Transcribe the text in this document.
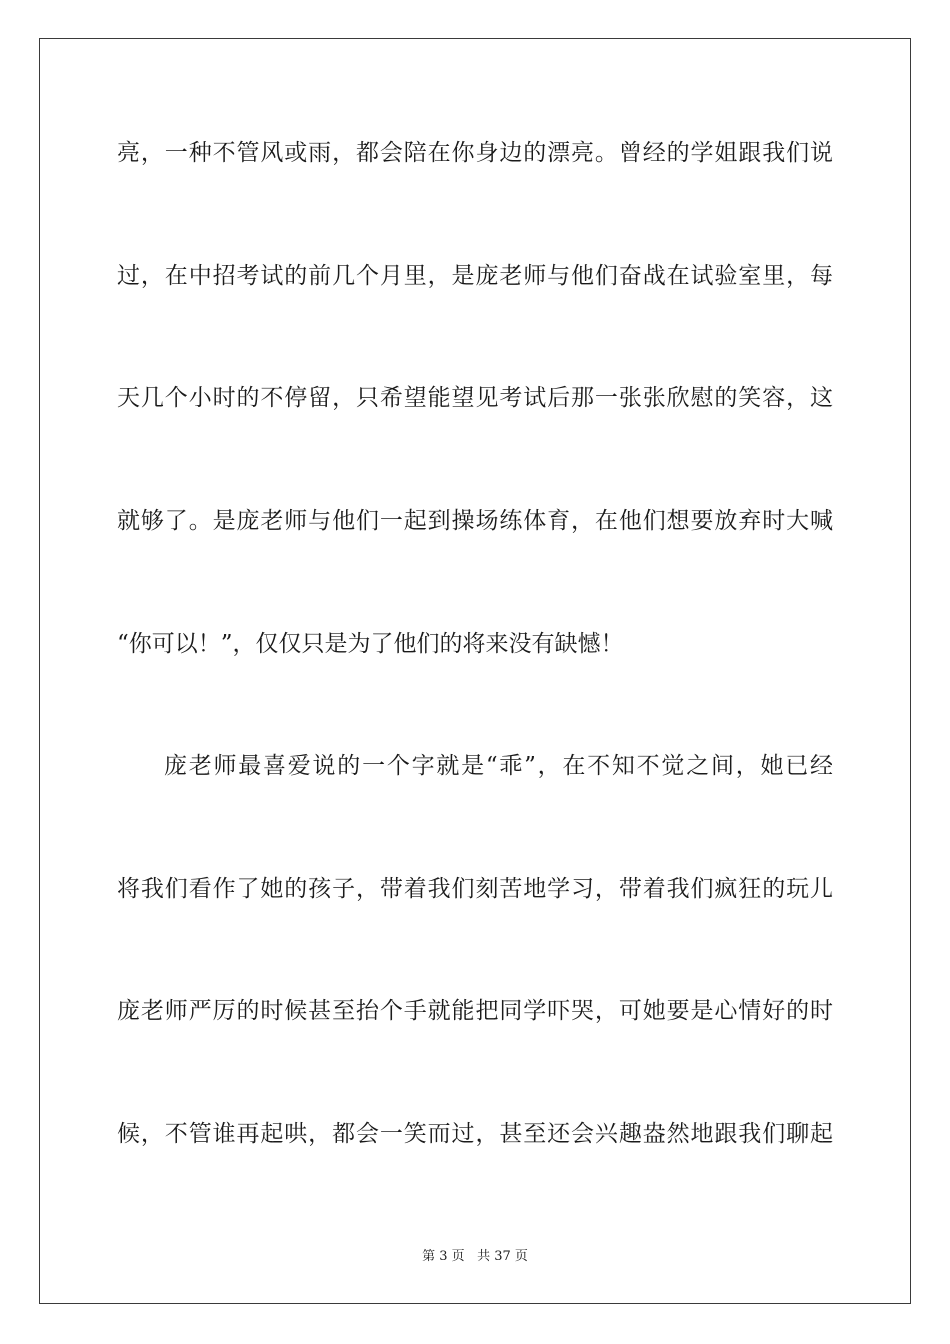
亮，一种不管风或雨，都会陪在你身边的漂亮。曾经的学姐跟我们说
过，在中招考试的前几个月里，是庞老师与他们奋战在试验室里，每
天几个小时的不停留，只希望能望见考试后那一张张欣慰的笑容，这
就够了。是庞老师与他们一起到操场练体育，在他们想要放弃时大喊
“你可以！”，仅仅只是为了他们的将来没有缺憾！
庞老师最喜爱说的一个字就是“乖”，在不知不觉之间，她已经
将我们看作了她的孩子，带着我们刻苦地学习，带着我们疯狂的玩儿
庞老师严厉的时候甚至抬个手就能把同学吓哭，可她要是心情好的时
候，不管谁再起哄，都会一笑而过，甚至还会兴趣盎然地跟我们聊起
第 3 页 共 37 页
